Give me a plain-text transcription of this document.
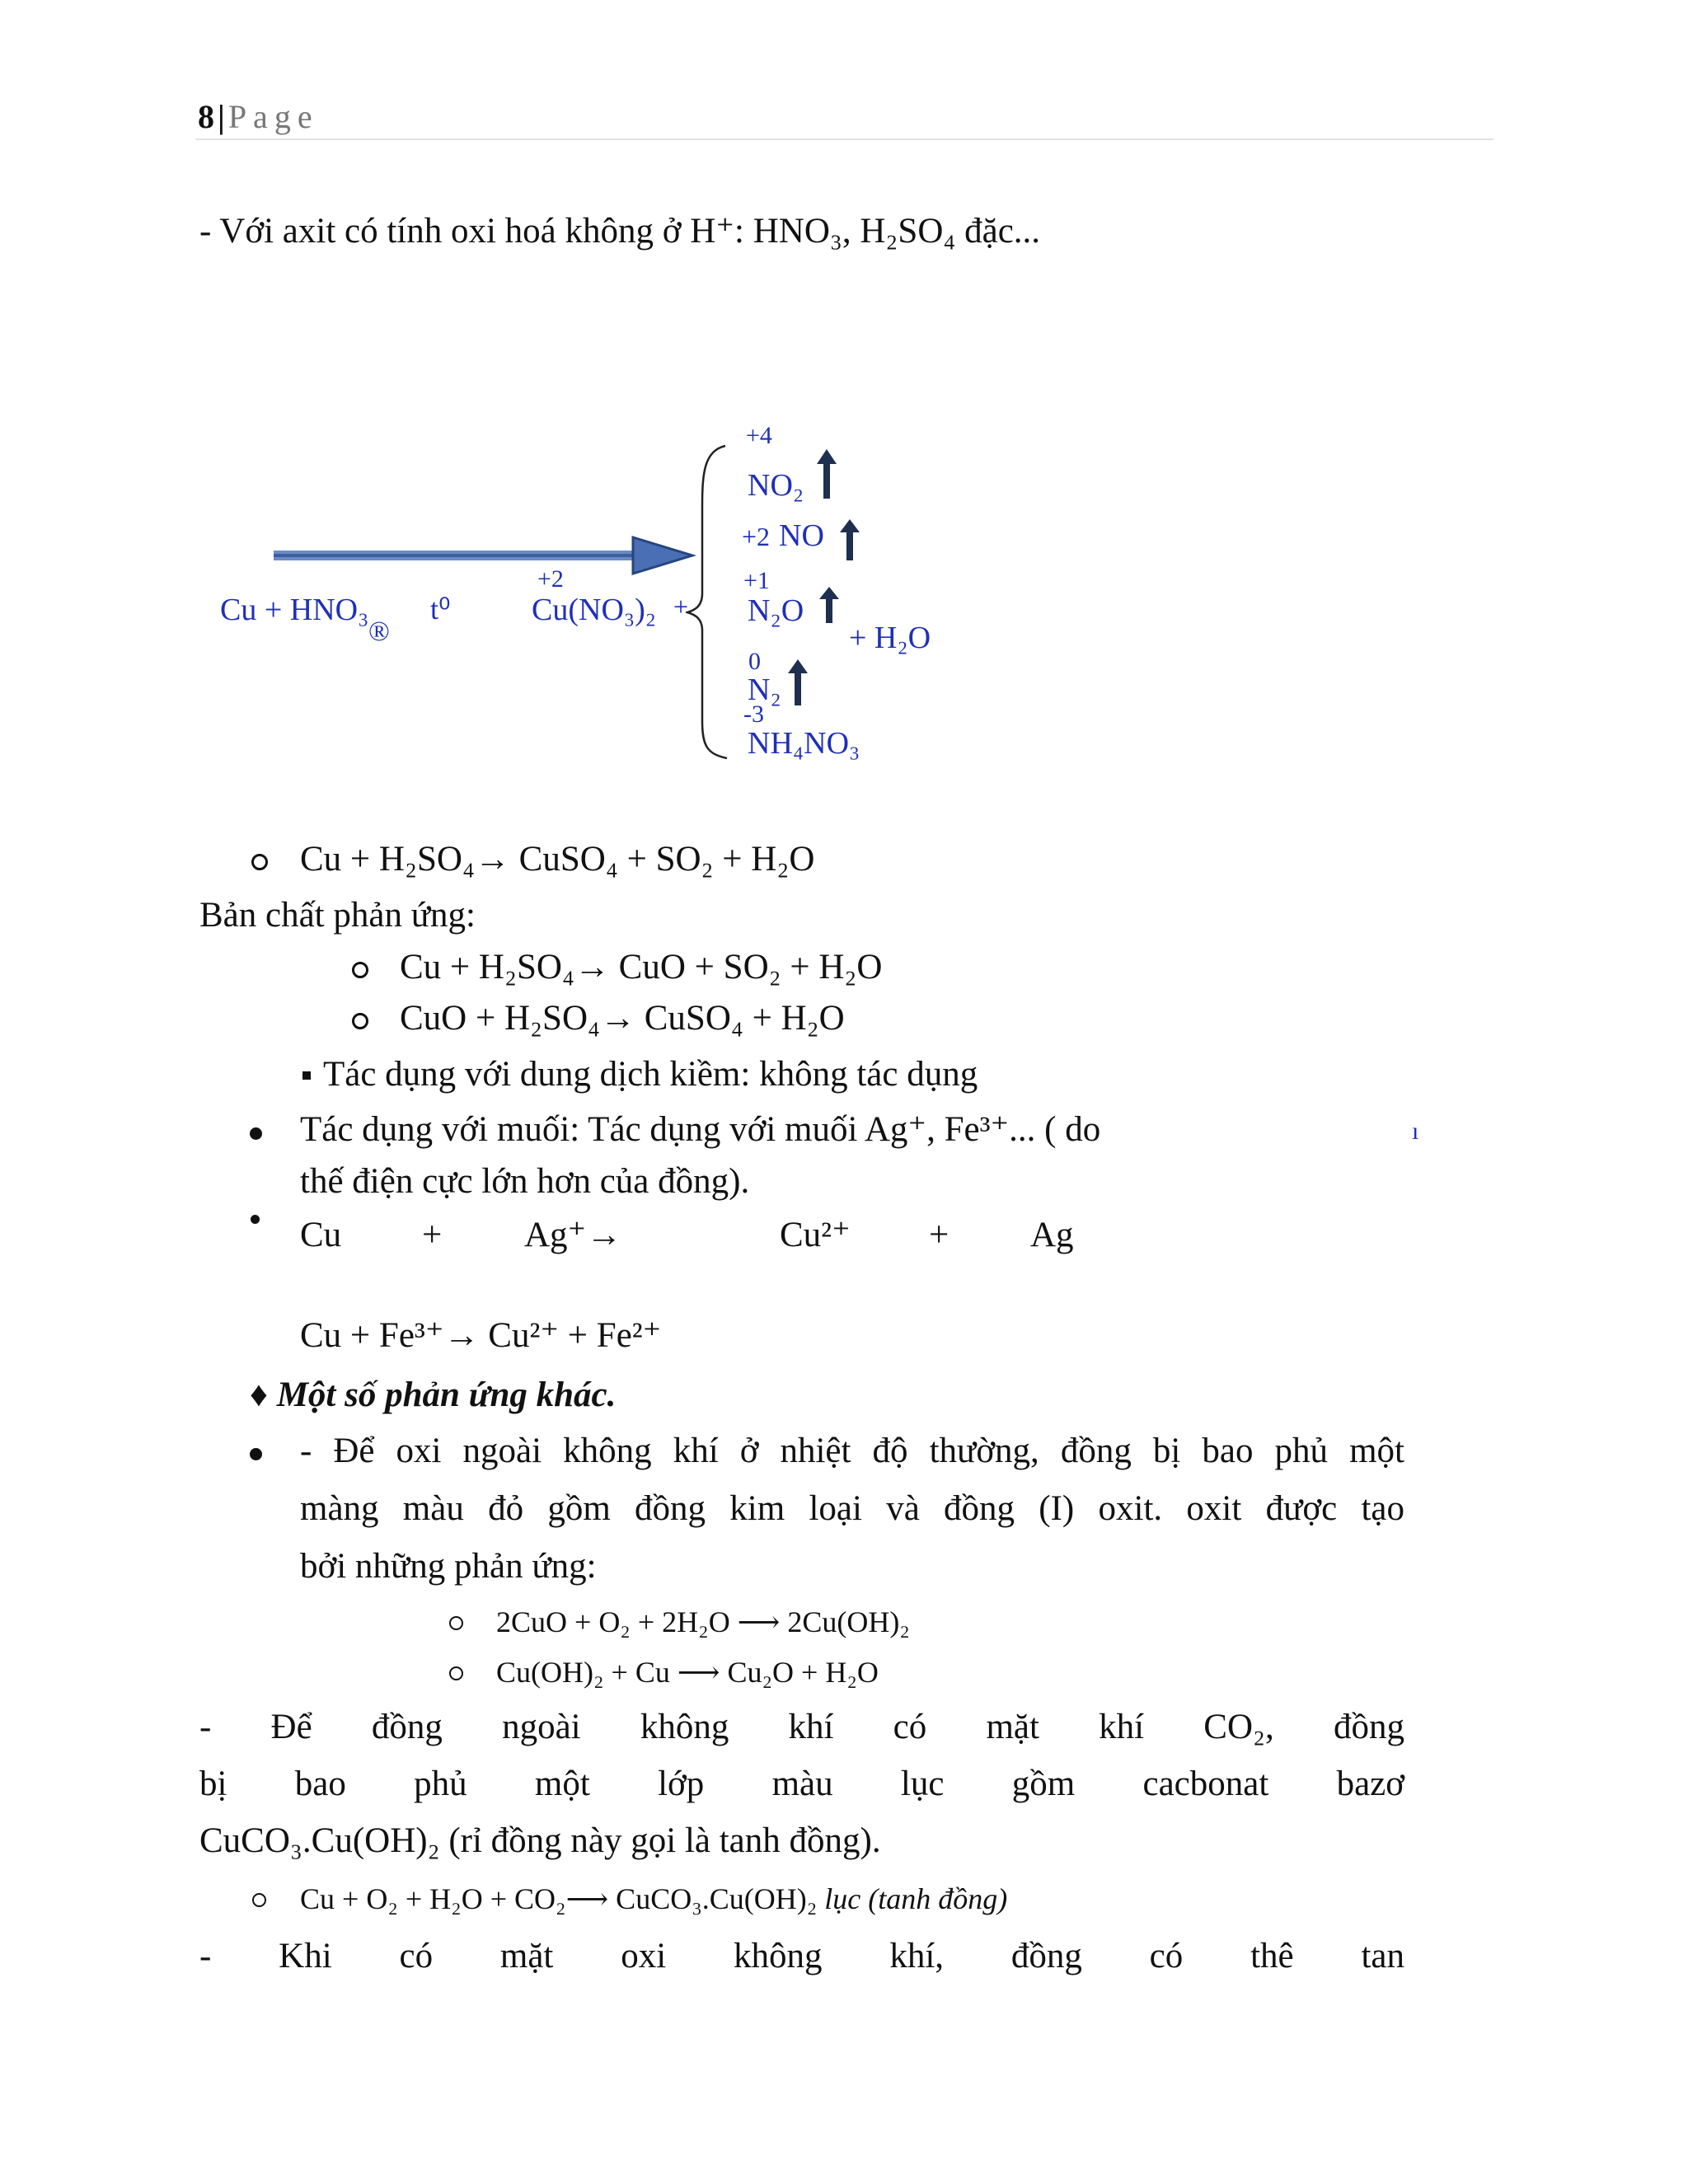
8 | Page
- Với axit có tính oxi hoá không ở H⁺: HNO₃, H₂SO₄ đặc...
Cu + HNO₃
®
t⁰
+2
Cu(NO₃)₂ +
+4
NO₂
+2 NO
+1
N₂O
+ H₂O
0
N₂
-3
NH₄NO₃
Cu + H₂SO₄→ CuSO₄ + SO₂ + H₂O
Bản chất phản ứng:
Cu + H₂SO₄→ CuO + SO₂ + H₂O
CuO + H₂SO₄→ CuSO₄ + H₂O
Tác dụng với dung dịch kiềm: không tác dụng
Tác dụng với muối: Tác dụng với muối Ag⁺, Fe³⁺... ( do	ı
thế điện cực lớn hơn của đồng).
Cu + Ag⁺→	Cu²⁺ + Ag
Cu + Fe³⁺→ Cu²⁺ + Fe²⁺
♦ Một số phản ứng khác.
- Để oxi ngoài không khí ở nhiệt độ thường, đồng bị bao phủ một
màng màu đỏ gồm đồng kim loại và đồng (I) oxit. oxit được tạo
bởi những phản ứng:
2CuO + O₂ + 2H₂O ⟶ 2Cu(OH)₂
Cu(OH)₂ + Cu ⟶ Cu₂O + H₂O
- Để đồng ngoài không khí có mặt khí CO₂, đồng
bị bao phủ một lớp màu lục gồm cacbonat bazơ
CuCO₃.Cu(OH)₂ (rỉ đồng này gọi là tanh đồng).
Cu + O₂ + H₂O + CO₂⟶ CuCO₃.Cu(OH)₂ lục (tanh đồng)
- Khi có mặt oxi không khí, đồng có thê tan
